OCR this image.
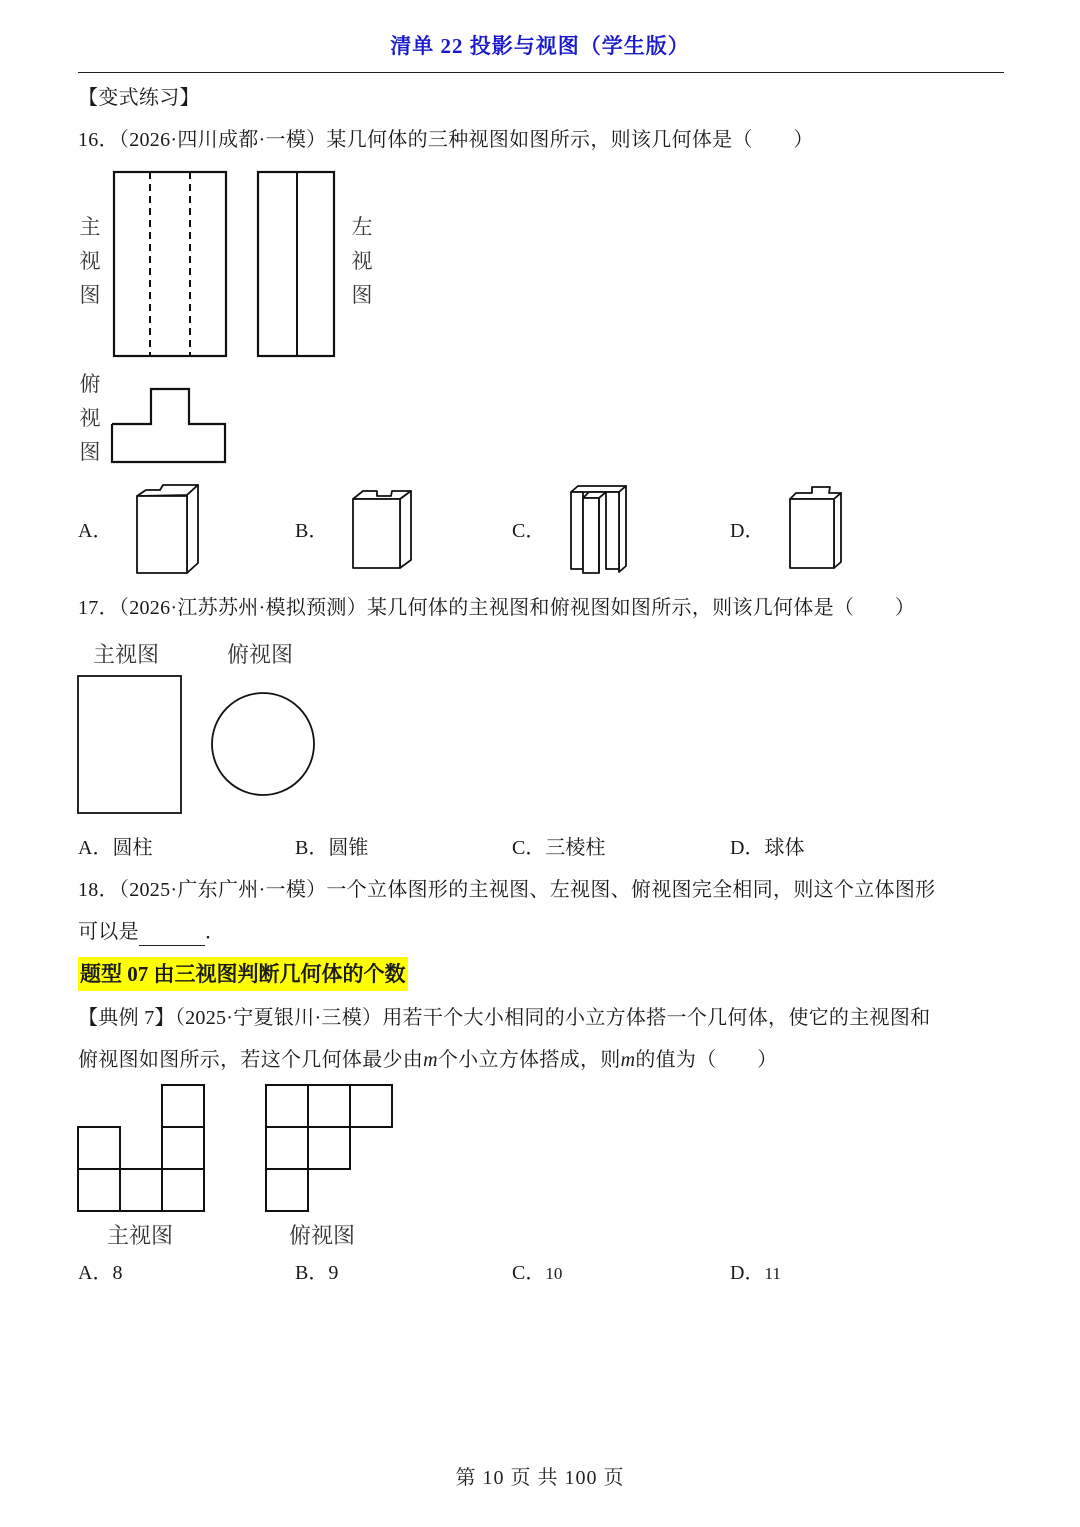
清单 22 投影与视图（学生版）
【变式练习】
16．（2026·四川成都·一模）某几何体的三种视图如图所示，则该几何体是（　　）
主
视
图
左
视
图
俯
视
图
A．	B．	C．	D．
17．（2026·江苏苏州·模拟预测）某几何体的主视图和俯视图如图所示，则该几何体是（　　）
主视图	俯视图
A．圆柱	B．圆锥	C．三棱柱	D．球体
18．（2025·广东广州·一模）一个立体图形的主视图、左视图、俯视图完全相同，则这个立体图形
可以是	．
题型 07 由三视图判断几何体的个数
【典例 7】（2025·宁夏银川·三模）用若干个大小相同的小立方体搭一个几何体，使它的主视图和
俯视图如图所示，若这个几何体最少由m个小立方体搭成，则m的值为（　　）
主视图	俯视图
A．8	B．9	C．10	D．11
第 10 页 共 100 页
